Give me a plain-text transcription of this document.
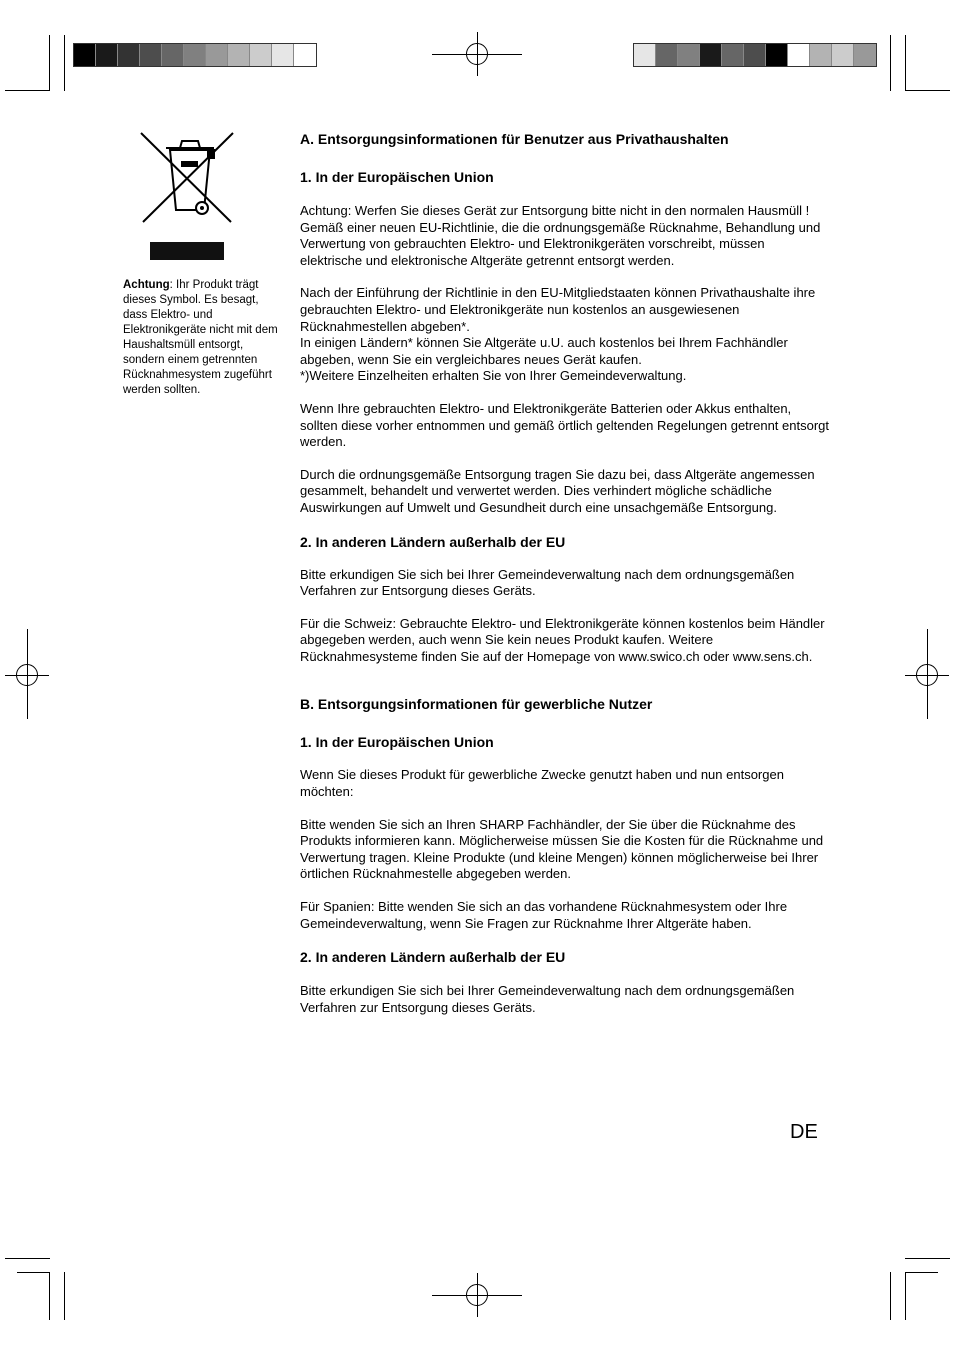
Achtung: Ihr Produkt trägt dieses Symbol. Es besagt, dass Elektro- und Elektronikgeräte nicht mit dem Haushaltsmüll entsorgt, sondern einem getrennten Rücknahmesystem zugeführt werden sollten.
A. Entsorgungsinformationen für Benutzer aus Privathaushalten
1. In der Europäischen Union

Achtung: Werfen Sie dieses Gerät zur Entsorgung bitte nicht in den normalen Hausmüll !

Gemäß einer neuen EU-Richtlinie, die die ordnungsgemäße Rücknahme, Behandlung und Verwertung von gebrauchten Elektro- und Elektronikgeräten vorschreibt, müssen elektrische und elektronische Altgeräte getrennt entsorgt werden.

Nach der Einführung der Richtlinie in den EU-Mitgliedstaaten können Privathaushalte ihre gebrauchten Elektro- und Elektronikgeräte nun kostenlos an ausgewiesenen Rücknahmestellen abgeben*.

In einigen Ländern* können Sie Altgeräte u.U. auch kostenlos bei Ihrem Fachhändler abgeben, wenn Sie ein vergleichbares neues Gerät kaufen.

*)Weitere Einzelheiten erhalten Sie von Ihrer Gemeindeverwaltung.

Wenn Ihre gebrauchten Elektro- und Elektronikgeräte Batterien oder Akkus enthalten, sollten diese vorher entnommen und gemäß örtlich geltenden Regelungen getrennt entsorgt werden.

Durch die ordnungsgemäße Entsorgung tragen Sie dazu bei, dass Altgeräte angemessen gesammelt, behandelt und verwertet werden. Dies verhindert mögliche schädliche Auswirkungen auf Umwelt und Gesundheit durch eine unsachgemäße Entsorgung.

2. In anderen Ländern außerhalb der EU

Bitte erkundigen Sie sich bei Ihrer Gemeindeverwaltung nach dem ordnungsgemäßen Verfahren zur Entsorgung dieses Geräts.

Für die Schweiz: Gebrauchte Elektro- und Elektronikgeräte können kostenlos beim Händler abgegeben werden, auch wenn Sie kein neues Produkt kaufen. Weitere Rücknahmesysteme finden Sie auf der Homepage von www.swico.ch oder www.sens.ch.

B. Entsorgungsinformationen für gewerbliche Nutzer
1. In der Europäischen Union

Wenn Sie dieses Produkt für gewerbliche Zwecke genutzt haben und nun entsorgen möchten:

Bitte wenden Sie sich an Ihren SHARP Fachhändler, der Sie über die Rücknahme des Produkts informieren kann. Möglicherweise müssen Sie die Kosten für die Rücknahme und Verwertung tragen. Kleine Produkte (und kleine Mengen) können möglicherweise bei Ihrer örtlichen Rücknahmestelle abgegeben werden.

Für Spanien: Bitte wenden Sie sich an das vorhandene Rücknahmesystem oder Ihre Gemeindeverwaltung, wenn Sie Fragen zur Rücknahme Ihrer Altgeräte haben.

2. In anderen Ländern außerhalb der EU

Bitte erkundigen Sie sich bei Ihrer Gemeindeverwaltung nach dem ordnungsgemäßen Verfahren zur Entsorgung dieses Geräts.

DE
